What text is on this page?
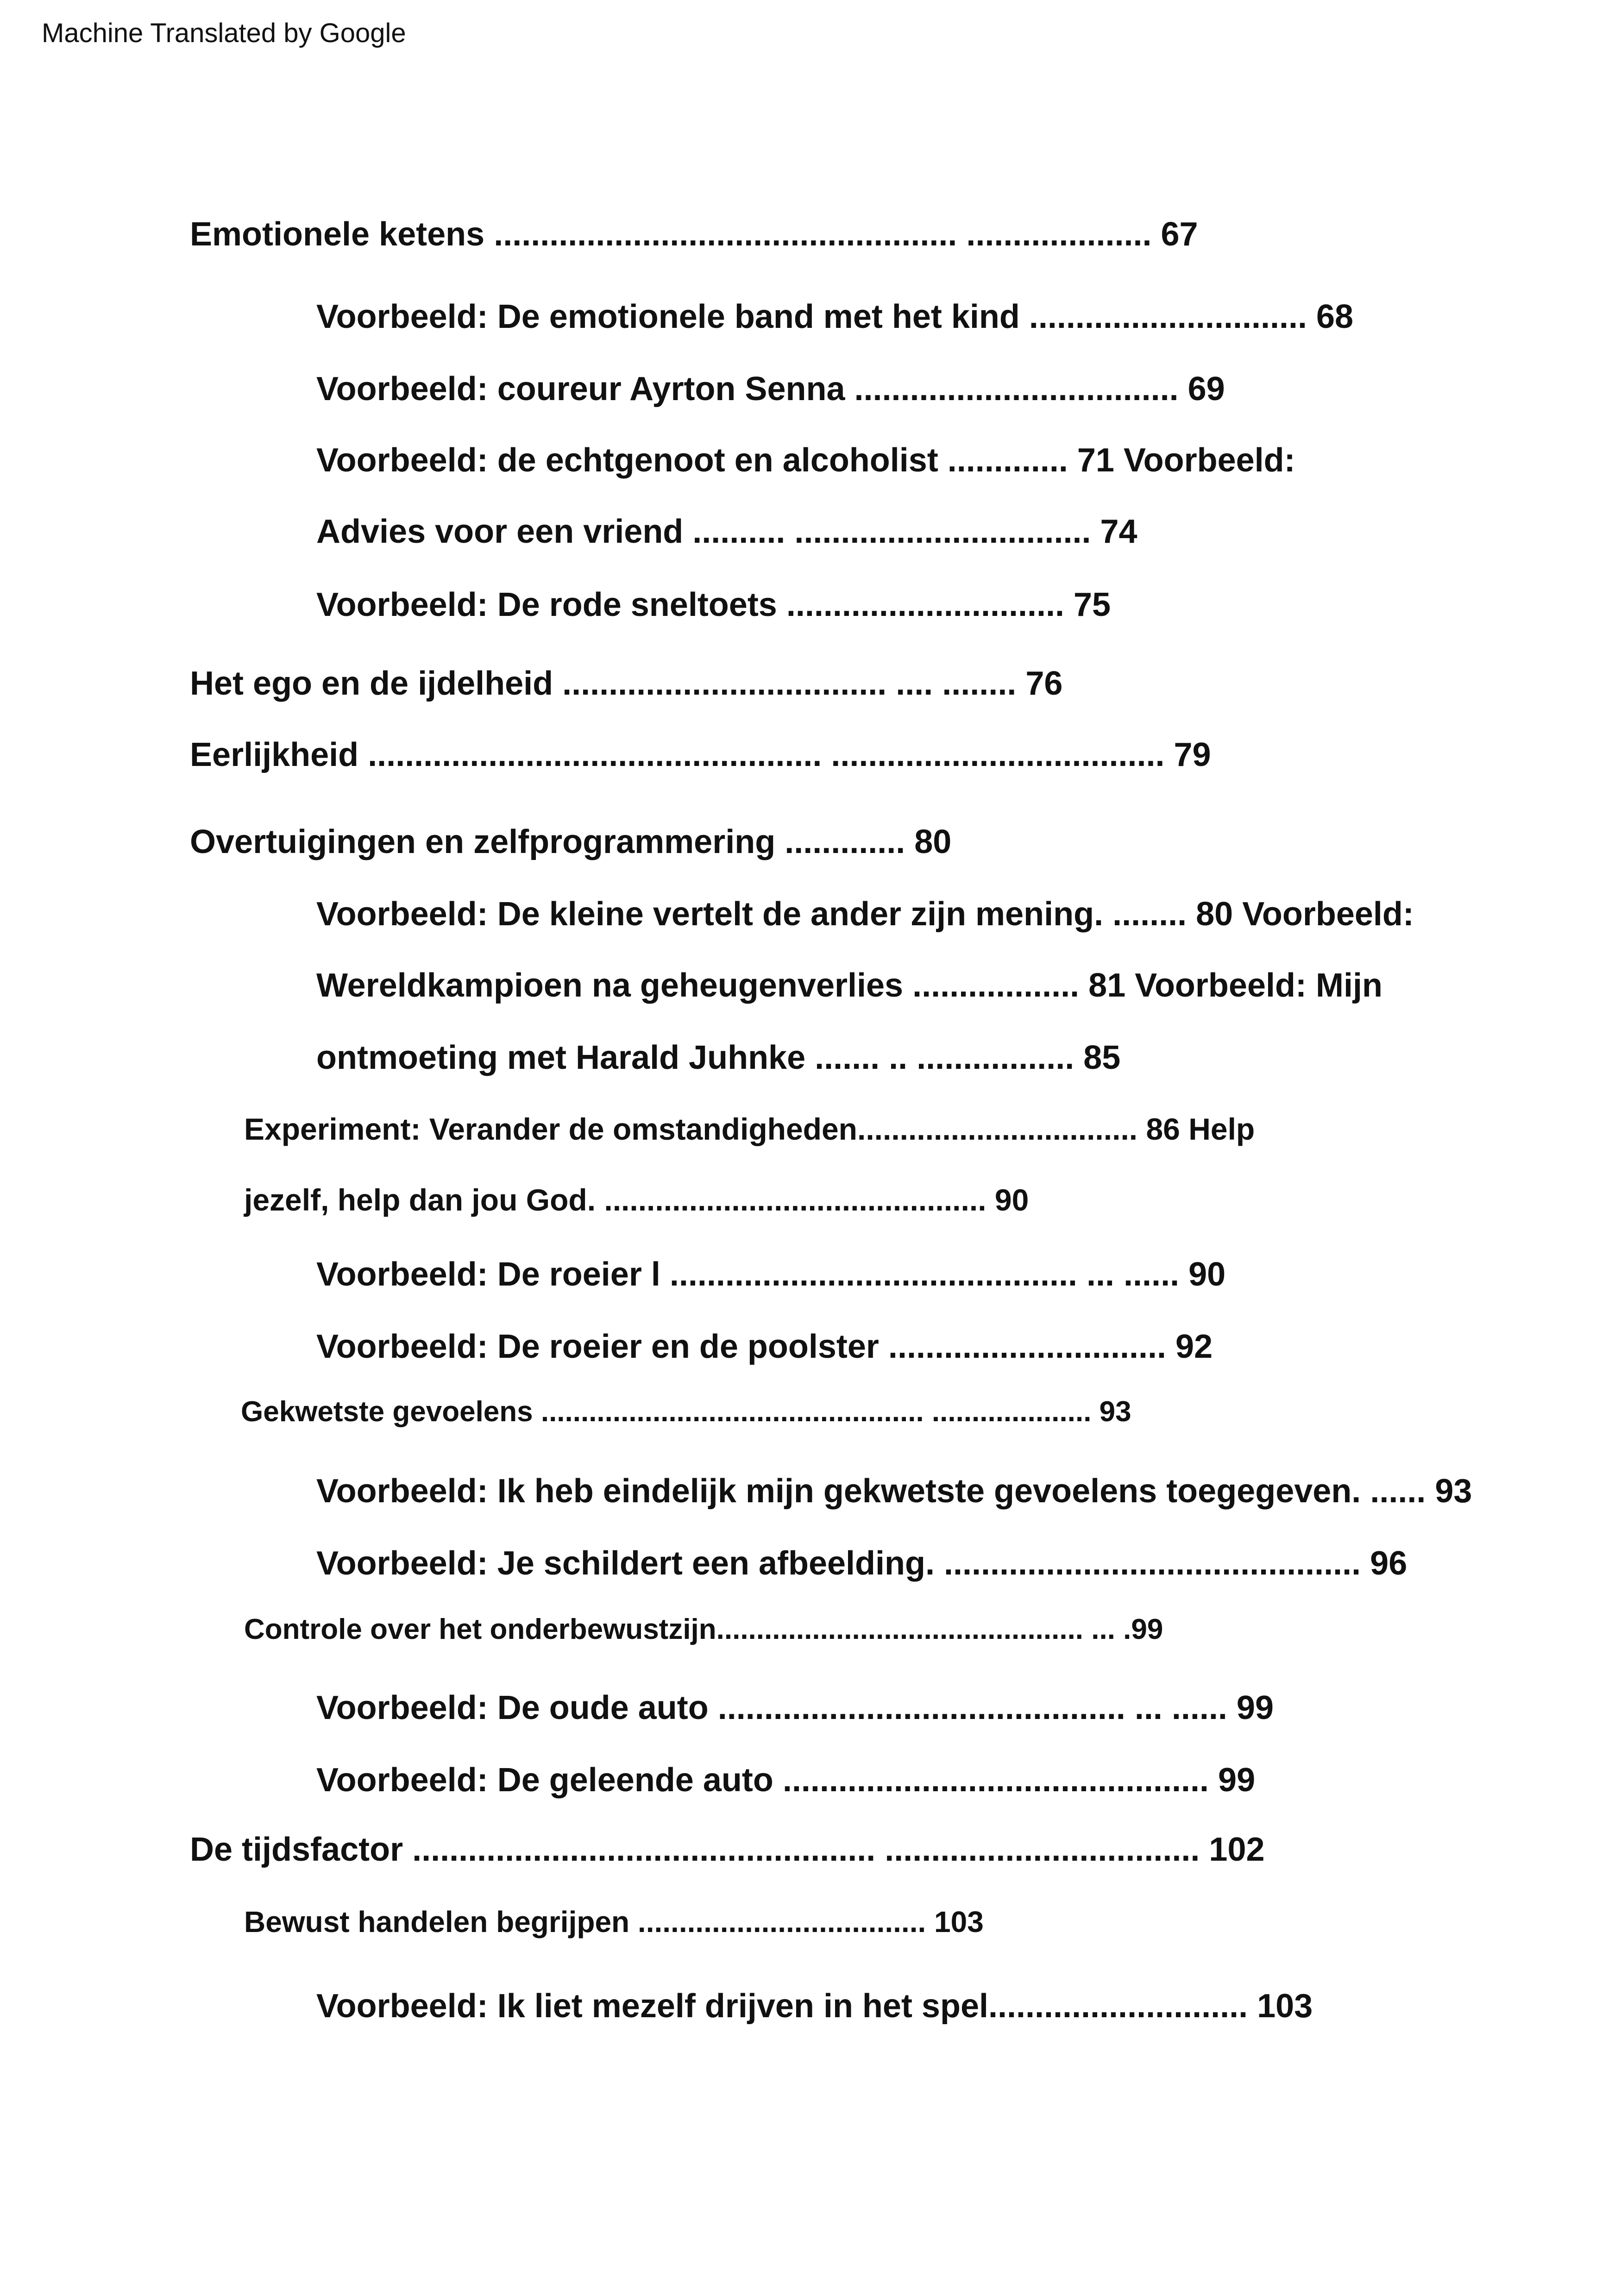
Machine Translated by Google
Emotionele ketens .................................................. .................... 67
Voorbeeld: De emotionele band met het kind .............................. 68
Voorbeeld: coureur Ayrton Senna ................................... 69
Voorbeeld: de echtgenoot en alcoholist ............. 71 Voorbeeld:
Advies voor een vriend .......... ................................ 74
Voorbeeld: De rode sneltoets .............................. 75
Het ego en de ijdelheid ................................... .... ........ 76
Eerlijkheid ................................................. .................................... 79
Overtuigingen en zelfprogrammering ............. 80
Voorbeeld: De kleine vertelt de ander zijn mening. ........ 80 Voorbeeld:
Wereldkampioen na geheugenverlies .................. 81 Voorbeeld: Mijn
ontmoeting met Harald Juhnke ....... .. ................. 85
Experiment: Verander de omstandigheden................................. 86 Help
jezelf, help dan jou God. ............................................. 90
Voorbeeld: De roeier l ............................................ ... ...... 90
Voorbeeld: De roeier en de poolster .............................. 92
Gekwetste gevoelens ................................................ .................... 93
Voorbeeld: Ik heb eindelijk mijn gekwetste gevoelens toegegeven. ...... 93
Voorbeeld: Je schildert een afbeelding. ............................................. 96
Controle over het onderbewustzijn.............................................. ... .99
Voorbeeld: De oude auto ............................................ ... ...... 99
Voorbeeld: De geleende auto .............................................. 99
De tijdsfactor .................................................. .................................. 102
Bewust handelen begrijpen ................................... 103
Voorbeeld: Ik liet mezelf drijven in het spel............................ 103
